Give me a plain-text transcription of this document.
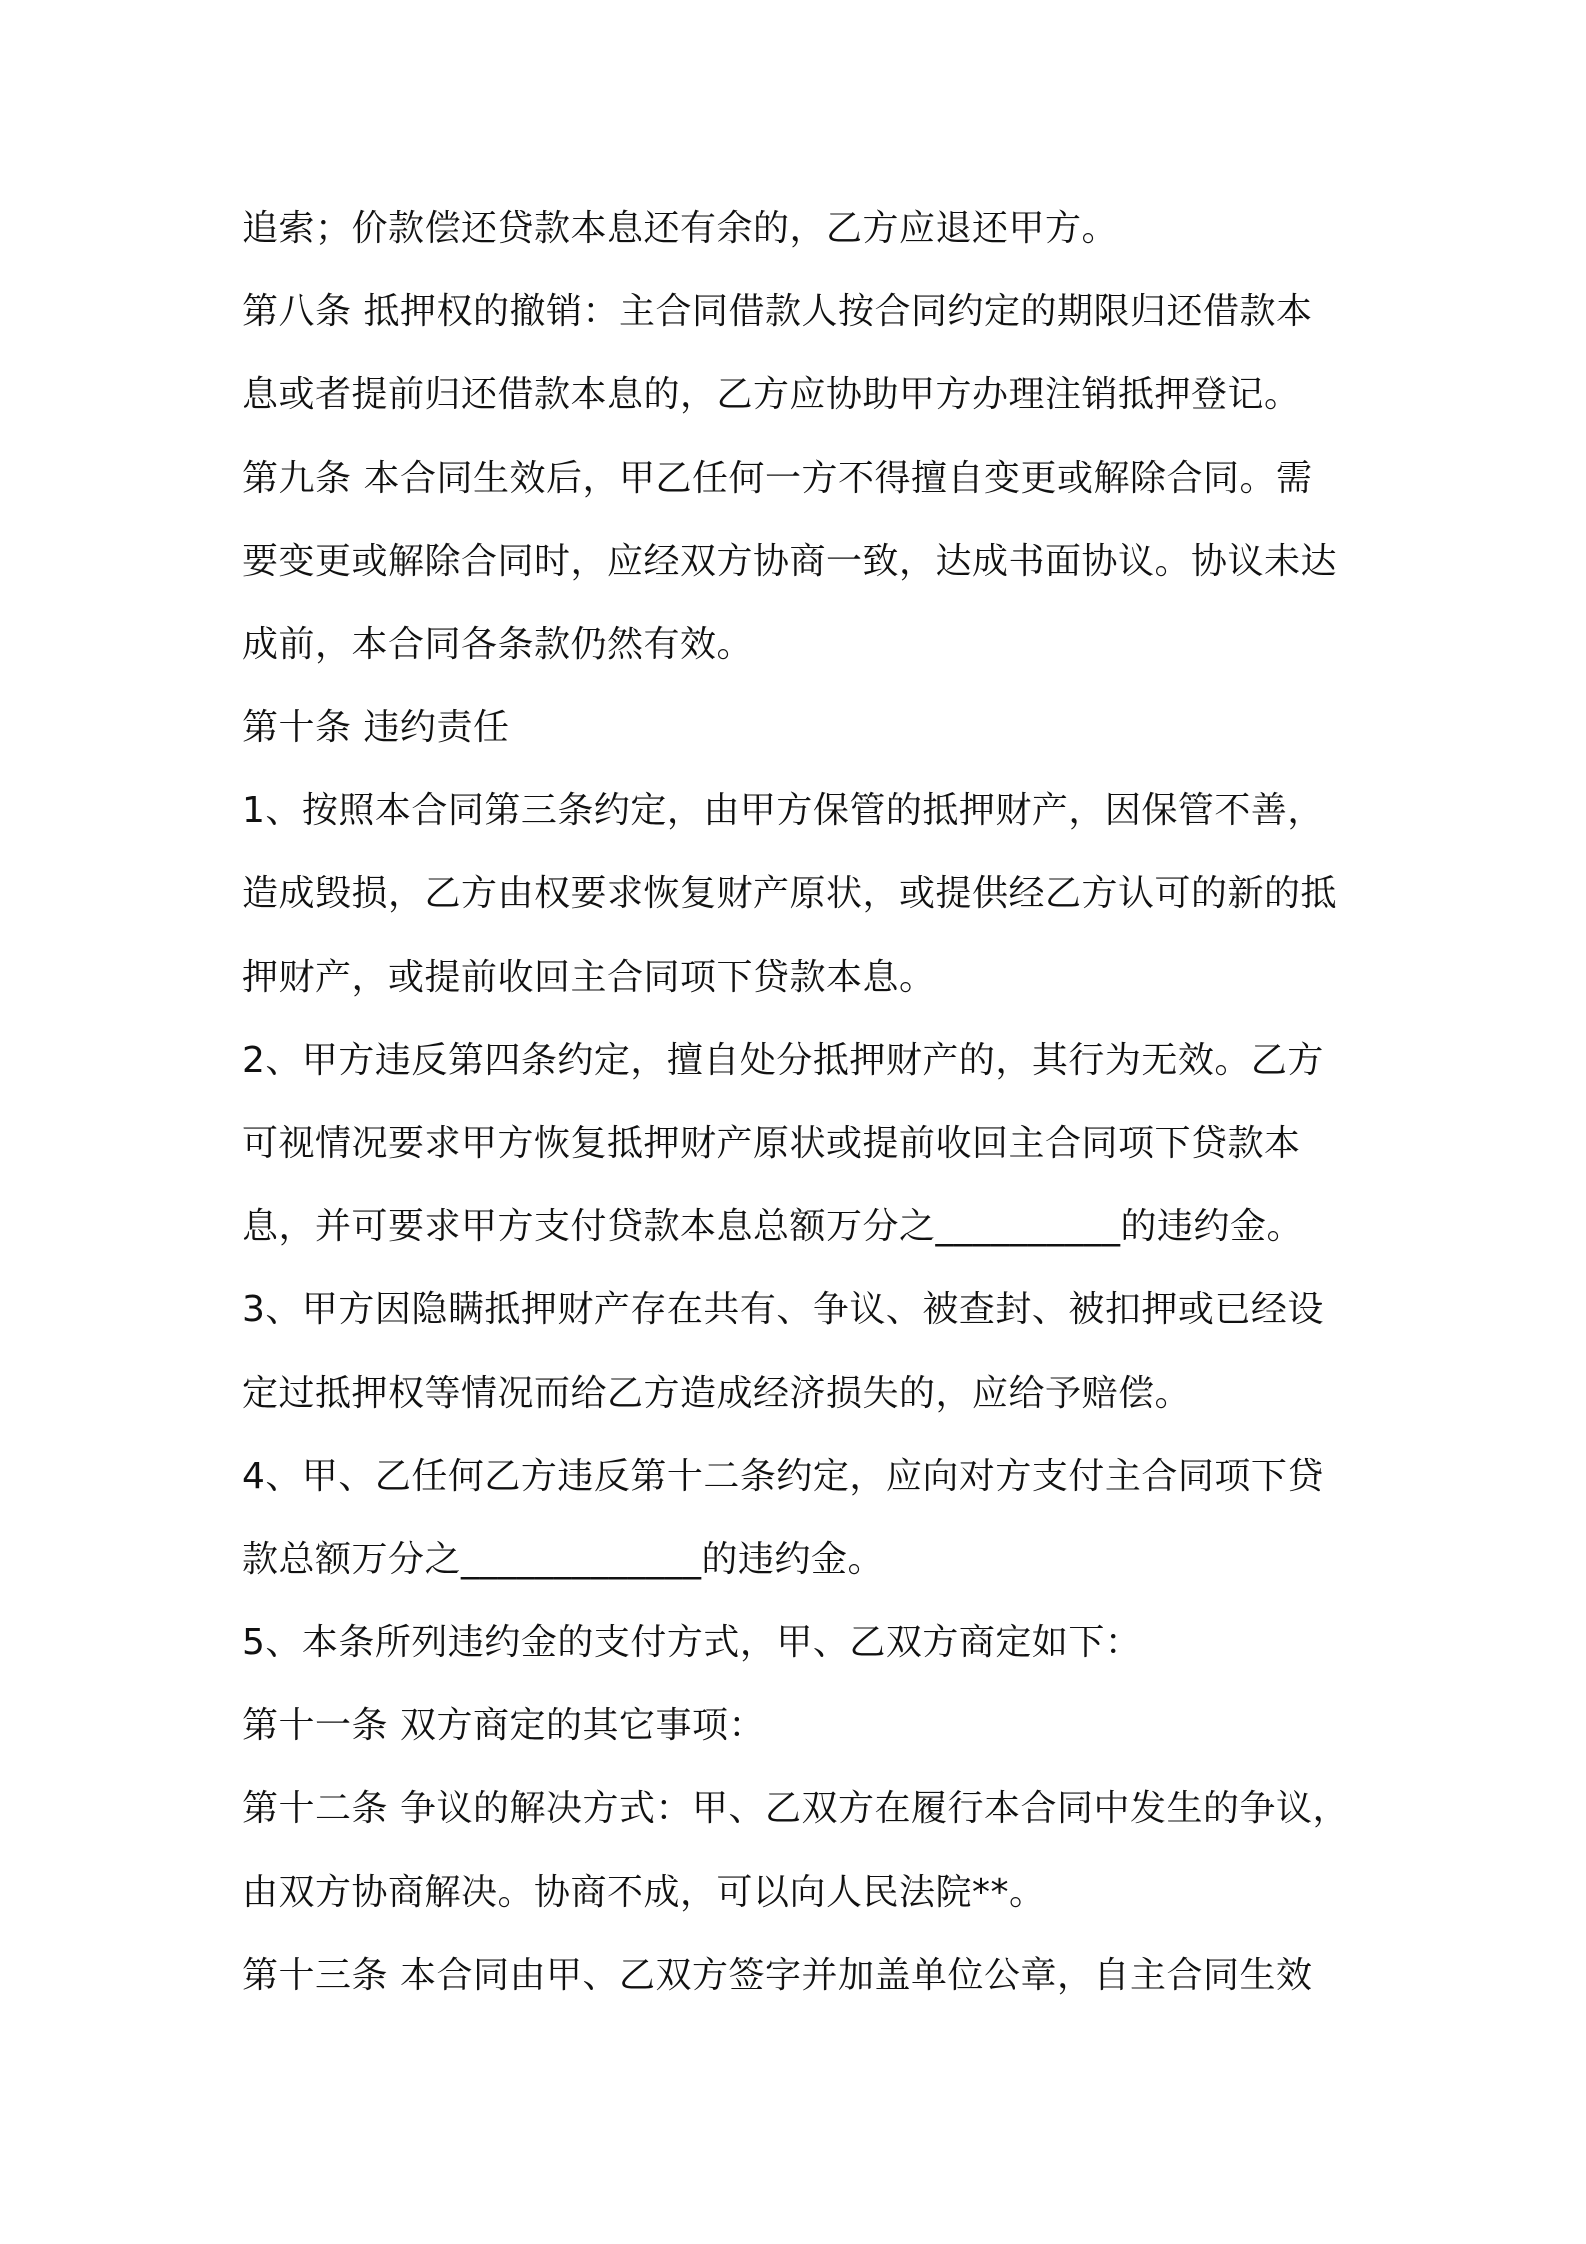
追索；价款偿还贷款本息还有余的，乙方应退还甲方。
第八条 抵押权的撤销：主合同借款人按合同约定的期限归还借款本
息或者提前归还借款本息的，乙方应协助甲方办理注销抵押登记。
第九条 本合同生效后，甲乙任何一方不得擅自变更或解除合同。需
要变更或解除合同时，应经双方协商一致，达成书面协议。协议未达
成前，本合同各条款仍然有效。
第十条 违约责任
1、按照本合同第三条约定，由甲方保管的抵押财产，因保管不善，
造成毁损，乙方由权要求恢复财产原状，或提供经乙方认可的新的抵
押财产，或提前收回主合同项下贷款本息。
2、甲方违反第四条约定，擅自处分抵押财产的，其行为无效。乙方
可视情况要求甲方恢复抵押财产原状或提前收回主合同项下贷款本
息，并可要求甲方支付贷款本息总额万分之__________的违约金。
3、甲方因隐瞒抵押财产存在共有、争议、被查封、被扣押或已经设
定过抵押权等情况而给乙方造成经济损失的，应给予赔偿。
4、甲、乙任何乙方违反第十二条约定，应向对方支付主合同项下贷
款总额万分之_____________的违约金。
5、本条所列违约金的支付方式，甲、乙双方商定如下：
第十一条 双方商定的其它事项：
第十二条 争议的解决方式：甲、乙双方在履行本合同中发生的争议，
由双方协商解决。协商不成，可以向人民法院**。
第十三条 本合同由甲、乙双方签字并加盖单位公章，自主合同生效
